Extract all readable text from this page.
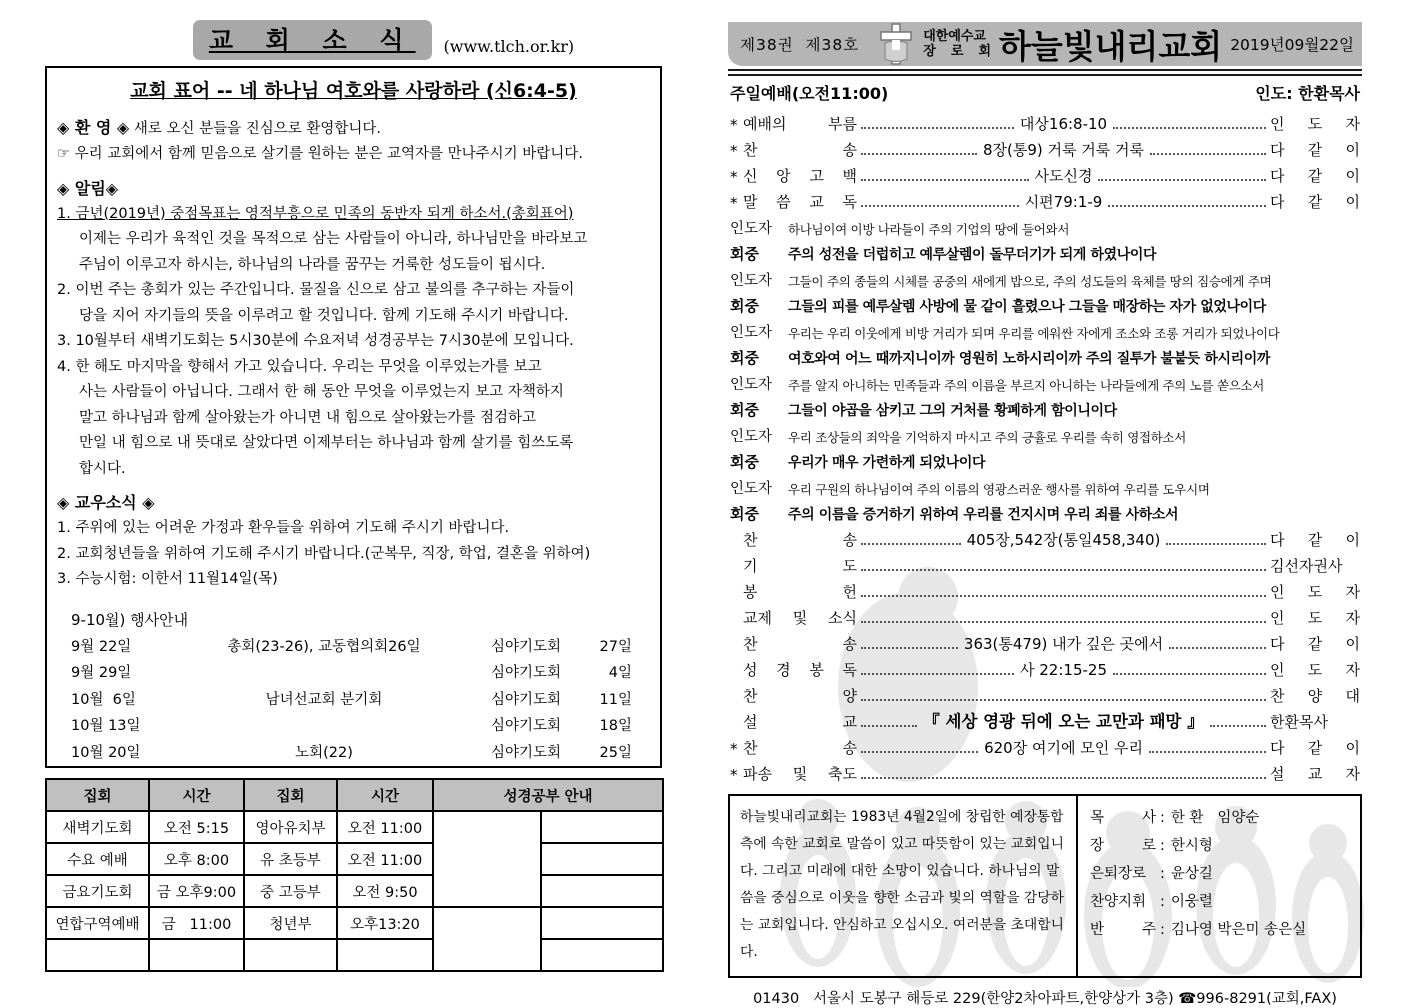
교 회 소 식	(www.tlch.or.kr)
교회 표어 -- 네 하나님 여호와를 사랑하라 (신6:4-5)
◈ 환 영 ◈ 새로 오신 분들을 진심으로 환영합니다.
☞ 우리 교회에서 함께 믿음으로 살기를 원하는 분은 교역자를 만나주시기 바랍니다.
◈ 알림◈
1. 금년(2019년) 중점목표는 영적부흥으로 민족의 동반자 되게 하소서.(총회표어)
이제는 우리가 육적인 것을 목적으로 삼는 사람들이 아니라, 하나님만을 바라보고
주님이 이루고자 하시는, 하나님의 나라를 꿈꾸는 거룩한 성도들이 됩시다.
2. 이번 주는 총회가 있는 주간입니다. 물질을 신으로 삼고 불의를 추구하는 자들이
당을 지어 자기들의 뜻을 이루려고 할 것입니다. 함께 기도해 주시기 바랍니다.
3. 10월부터 새벽기도회는 5시30분에 수요저녁 성경공부는 7시30분에 모입니다.
4. 한 해도 마지막을 향해서 가고 있습니다. 우리는 무엇을 이루었는가를 보고
사는 사람들이 아닙니다. 그래서 한 해 동안 무엇을 이루었는지 보고 자책하지
말고 하나님과 함께 살아왔는가 아니면 내 힘으로 살아왔는가를 점검하고
만일 내 힘으로 내 뜻대로 살았다면 이제부터는 하나님과 함께 살기를 힘쓰도록
합시다.
◈ 교우소식 ◈
1. 주위에 있는 어려운 가정과 환우들을 위하여 기도해 주시기 바랍니다.
2. 교회청년들을 위하여 기도해 주시기 바랍니다.(군복무, 직장, 학업, 결혼을 위하여)
3. 수능시험: 이한서 11월14일(목)
9-10월) 행사안내
9월 22일	총회(23-26), 교동협의회26일	심야기도회	27일
9월 29일	심야기도회	4일
10월  6일	남녀선교회 분기회	심야기도회	11일
10월 13일	심야기도회	18일
10월 20일	노회(22)	심야기도회	25일
집회	시간	집회	시간	성경공부 안내	
새벽기도회	오전 5:15	영아유치부	오전 11:00		
수요 예배	오후 8:00	유 초등부	오전 11:00		
금요기도회	금 오후9:00	중 고등부	오전 9:50		
연합구역예배	금   11:00	청년부	오후13:20		

제38권  제38호	대한예수교
장 로 회 하늘빛내리교회 2019년09월22일
주일예배(오전11:00)	인도: 한환목사
* 예배의 부름	대상16:8-10	인 도 자
* 찬 송	8장(통9) 거룩 거룩 거룩	다 같 이
* 신 앙 고 백	사도신경	다 같 이
* 말 씀 교 독	시편79:1-9	다 같 이
인도자	하나님이여 이방 나라들이 주의 기업의 땅에 들어와서
회중	주의 성전을 더럽히고 예루살렘이 돌무더기가 되게 하였나이다
인도자	그들이 주의 종들의 시체를 공중의 새에게 밥으로, 주의 성도들의 육체를 땅의 짐승에게 주며
회중	그들의 피를 예루살렘 사방에 물 같이 흘렸으나 그들을 매장하는 자가 없었나이다
인도자	우리는 우리 이웃에게 비방 거리가 되며 우리를 에워싼 자에게 조소와 조롱 거리가 되었나이다
회중	여호와여 어느 때까지니이까 영원히 노하시리이까 주의 질투가 불붙듯 하시리이까
인도자	주를 알지 아니하는 민족들과 주의 이름을 부르지 아니하는 나라들에게 주의 노를 쏟으소서
회중	그들이 야곱을 삼키고 그의 거처를 황폐하게 함이니이다
인도자	우리 조상들의 죄악을 기억하지 마시고 주의 긍휼로 우리를 속히 영접하소서
회중	우리가 매우 가련하게 되었나이다
인도자	우리 구원의 하나님이여 주의 이름의 영광스러운 행사를 위하여 우리를 도우시며
회중	주의 이름을 증거하기 위하여 우리를 건지시며 우리 죄를 사하소서
찬 송	405장,542장(통일458,340)	다 같 이
기 도	김선자권사
봉 헌	인 도 자
교제 및 소식	인 도 자
찬 송	363(통479) 내가 깊은 곳에서	다 같 이
성 경 봉 독	사 22:15-25	인 도 자
찬 양	찬 양 대
설 교	『 세상 영광 뒤에 오는 교만과 패망 』	한환목사
* 찬 송	620장 여기에 모인 우리	다 같 이
* 파송 및 축도	설 교 자
하늘빛내리교회는 1983년 4월2일에 창립한 예장통합 측에 속한 교회로 말씀이 있고 따뜻함이 있는 교회입니다. 그리고 미래에 대한 소망이 있습니다. 하나님의 말씀을 중심으로 이웃을 향한 소금과 빛의 역할을 감당하는 교회입니다. 안심하고 오십시오. 여러분을 초대합니다.
목 사 : 한 환   임양순
장 로 : 한시형
은퇴장로 : 윤상길
찬양지휘 : 이웅렬
반 주 : 김나영 박은미 송은실
01430   서울시 도봉구 해등로 229(한양2차아파트,한양상가 3층) ☎996-8291(교회,FAX)
